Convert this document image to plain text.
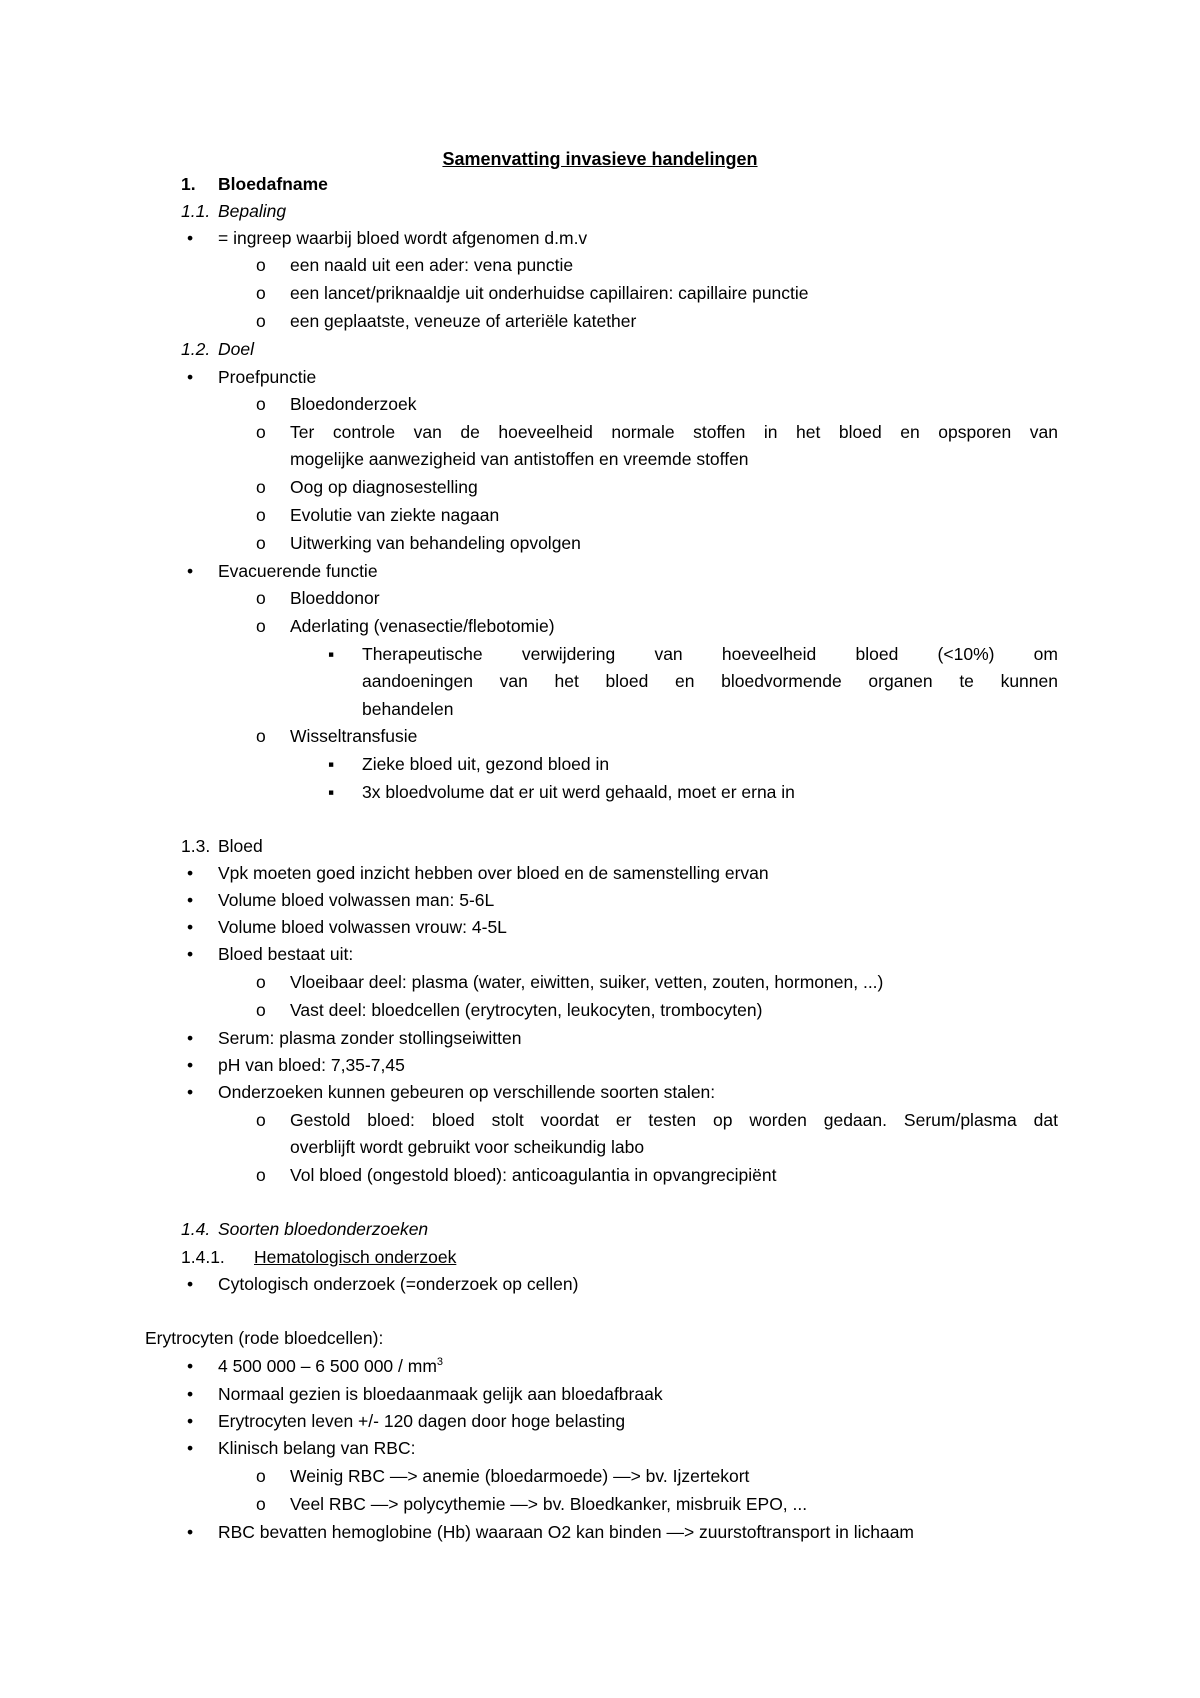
Samenvatting invasieve handelingen
1. Bloedafname
1.1. Bepaling
• = ingreep waarbij bloed wordt afgenomen d.m.v
o een naald uit een ader: vena punctie
o een lancet/priknaaldje uit onderhuidse capillairen: capillaire punctie
o een geplaatste, veneuze of arteriële katether
1.2. Doel
• Proefpunctie
o Bloedonderzoek
o Ter controle van de hoeveelheid normale stoffen in het bloed en opsporen van
mogelijke aanwezigheid van antistoffen en vreemde stoffen
o Oog op diagnosestelling
o Evolutie van ziekte nagaan
o Uitwerking van behandeling opvolgen
• Evacuerende functie
o Bloeddonor
o Aderlating (venasectie/flebotomie)
▪ Therapeutische verwijdering van hoeveelheid bloed (<10%) om
aandoeningen van het bloed en bloedvormende organen te kunnen
behandelen
o Wisseltransfusie
▪ Zieke bloed uit, gezond bloed in
▪ 3x bloedvolume dat er uit werd gehaald, moet er erna in
1.3. Bloed
• Vpk moeten goed inzicht hebben over bloed en de samenstelling ervan
• Volume bloed volwassen man: 5-6L
• Volume bloed volwassen vrouw: 4-5L
• Bloed bestaat uit:
o Vloeibaar deel: plasma (water, eiwitten, suiker, vetten, zouten, hormonen, ...)
o Vast deel: bloedcellen (erytrocyten, leukocyten, trombocyten)
• Serum: plasma zonder stollingseiwitten
• pH van bloed: 7,35-7,45
• Onderzoeken kunnen gebeuren op verschillende soorten stalen:
o Gestold bloed: bloed stolt voordat er testen op worden gedaan. Serum/plasma dat
overblijft wordt gebruikt voor scheikundig labo
o Vol bloed (ongestold bloed): anticoagulantia in opvangrecipiënt
1.4. Soorten bloedonderzoeken
1.4.1. Hematologisch onderzoek
• Cytologisch onderzoek (=onderzoek op cellen)
Erytrocyten (rode bloedcellen):
• 4 500 000 – 6 500 $000 / mm^3$
• Normaal gezien is bloedaanmaak gelijk aan bloedafbraak
• Erytrocyten leven +/- 120 dagen door hoge belasting
• Klinisch belang van RBC:
o Weinig RBC —> anemie (bloedarmoede) —> bv. Ijzertekort
o Veel RBC —> polycythemie —> bv. Bloedkanker, misbruik EPO, ...
• RBC bevatten hemoglobine (Hb) waaraan O2 kan binden —> zuurstoftransport in lichaam
